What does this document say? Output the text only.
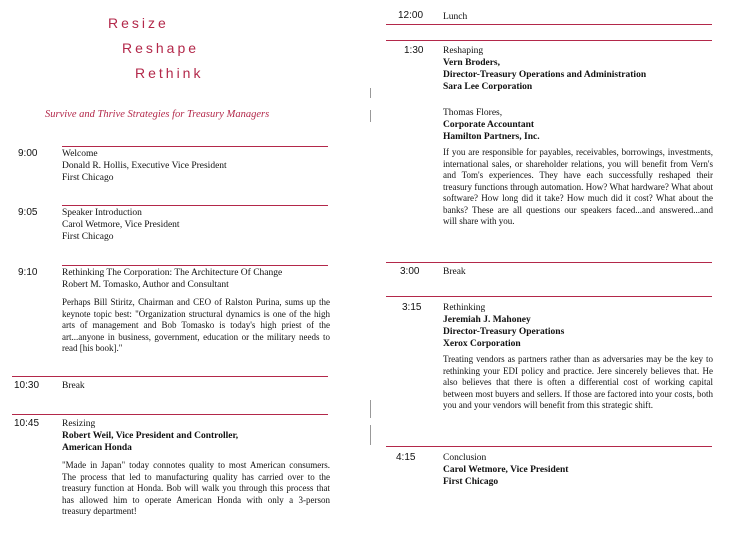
Resize
Reshape
Rethink
Survive and Thrive Strategies for Treasury Managers
9:00	Welcome
Donald R. Hollis, Executive Vice President
First Chicago
9:05	Speaker Introduction
Carol Wetmore, Vice President
First Chicago
9:10	Rethinking The Corporation: The Architecture Of Change
Robert M. Tomasko, Author and Consultant
Perhaps Bill Stiritz, Chairman and CEO of Ralston Purina, sums up the keynote topic best: "Organization structural dynamics is one of the high arts of management and Bob Tomasko is today's high priest of the art...anyone in business, government, education or the military needs to read [his book]."
10:30 Break
10:45 Resizing
Robert Weil, Vice President and Controller,
American Honda
"Made in Japan" today connotes quality to most American consumers. The process that led to manufacturing quality has carried over to the treasury function at Honda. Bob will walk you through this process that has allowed him to operate American Honda with only a 3-person treasury department!
12:00 Lunch
1:30 Reshaping
Vern Broders,
Director-Treasury Operations and Administration
Sara Lee Corporation
Thomas Flores,
Corporate Accountant
Hamilton Partners, Inc.
If you are responsible for payables, receivables, borrowings, investments, international sales, or shareholder relations, you will benefit from Vern's and Tom's experiences. They have each successfully reshaped their treasury functions through automation. How? What hardware? What about software? How long did it take? How much did it cost? What about the banks? These are all questions our speakers faced...and answered...and will share with you.
3:00 Break
3:15 Rethinking
Jeremiah J. Mahoney
Director-Treasury Operations
Xerox Corporation
Treating vendors as partners rather than as adversaries may be the key to rethinking your EDI policy and practice. Jere sincerely believes that. He also believes that there is often a differential cost of working capital between most buyers and sellers. If those are factored into your costs, both you and your vendors will benefit from this strategic shift.
4:15	Conclusion
Carol Wetmore, Vice President
First Chicago
